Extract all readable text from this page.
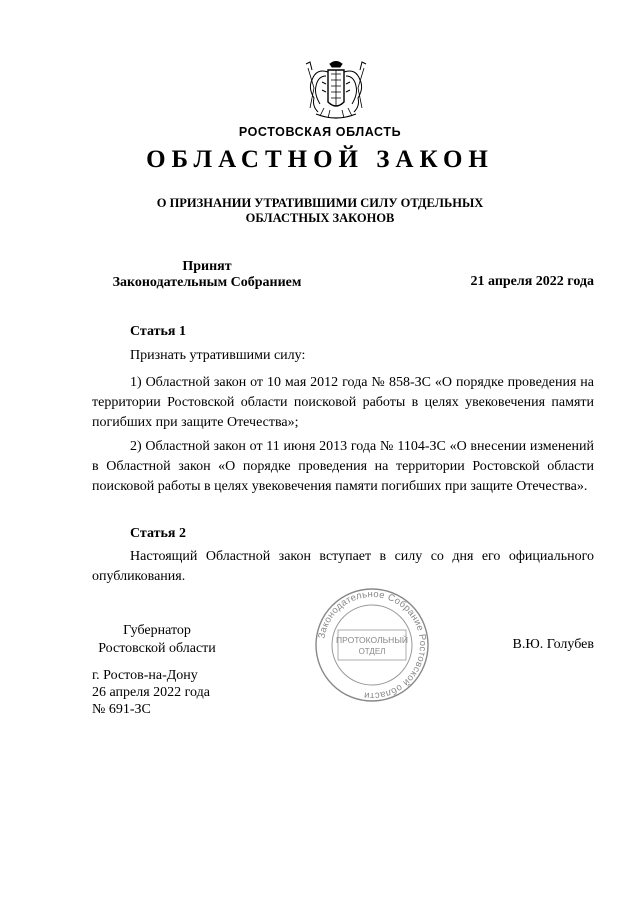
РОСТОВСКАЯ ОБЛАСТЬ
ОБЛАСТНОЙ ЗАКОН
О ПРИЗНАНИИ УТРАТИВШИМИ СИЛУ ОТДЕЛЬНЫХ
ОБЛАСТНЫХ ЗАКОНОВ
Принят
Законодательным Собранием	21 апреля 2022 года
Статья 1
Признать утратившими силу:
1) Областной закон от 10 мая 2012 года № 858-ЗС «О порядке проведения на территории Ростовской области поисковой работы в целях увековечения памяти погибших при защите Отечества»;
2) Областной закон от 11 июня 2013 года № 1104-ЗС «О внесении изменений в Областной закон «О порядке проведения на территории Ростовской области поисковой работы в целях увековечения памяти погибших при защите Отечества».
Статья 2
Настоящий Областной закон вступает в силу со дня его официального опубликования.
Законодательное Собрание Ростовской области
ПРОТОКОЛЬНЫЙ
ОТДЕЛ
Губернатор
Ростовской области	В.Ю. Голубев
г. Ростов-на-Дону
26 апреля 2022 года
№ 691-ЗС
